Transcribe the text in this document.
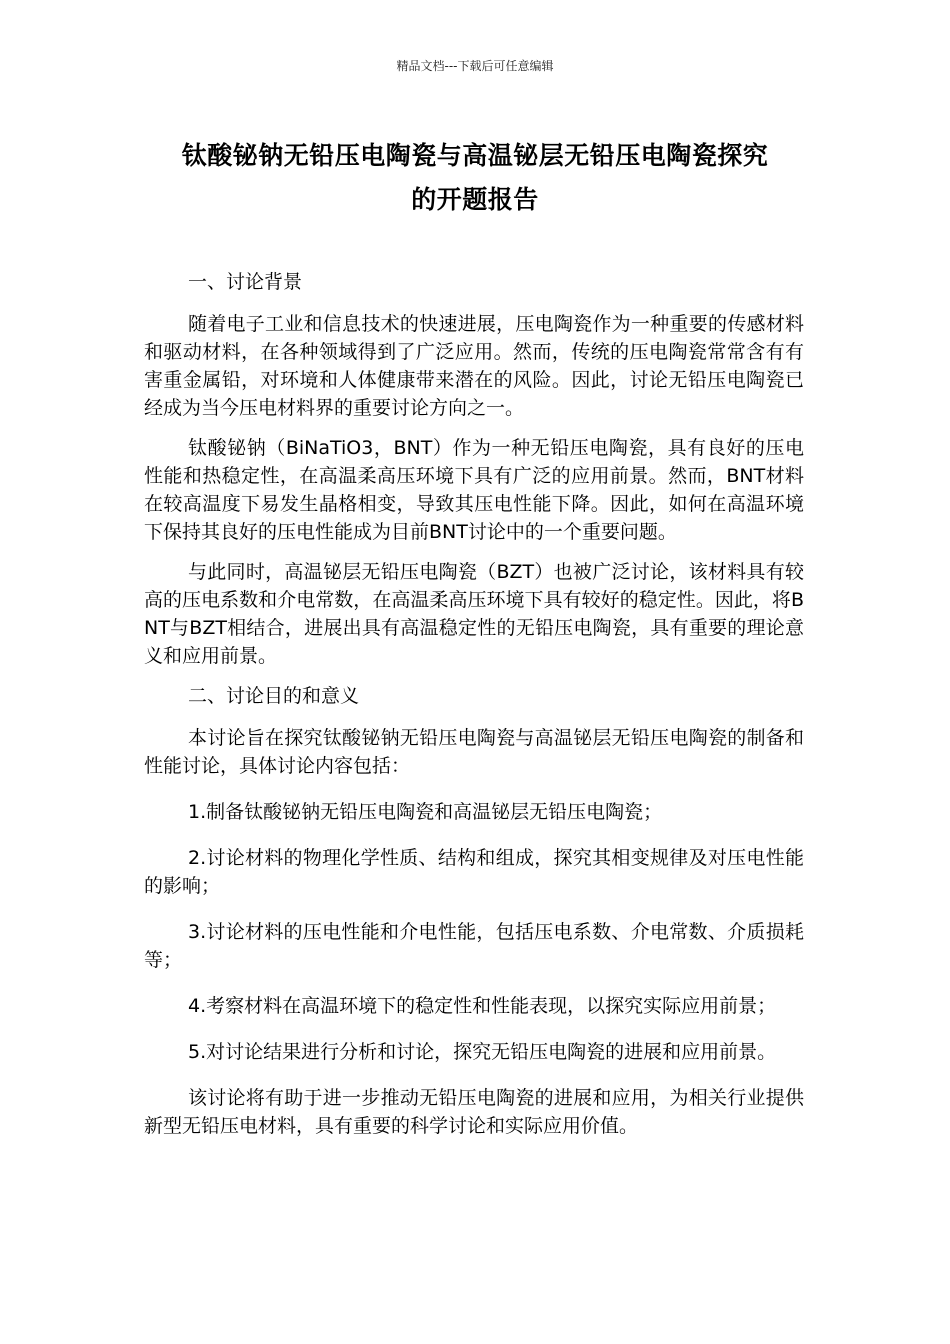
精品文档---下载后可任意编辑
钛酸铋钠无铅压电陶瓷与高温铋层无铅压电陶瓷探究
的开题报告

一、讨论背景

随着电子工业和信息技术的快速进展，压电陶瓷作为一种重要的传感材料和驱动材料，在各种领域得到了广泛应用。然而，传统的压电陶瓷常常含有有害重金属铅，对环境和人体健康带来潜在的风险。因此，讨论无铅压电陶瓷已经成为当今压电材料界的重要讨论方向之一。

钛酸铋钠（BiNaTiO3，BNT）作为一种无铅压电陶瓷，具有良好的压电性能和热稳定性，在高温柔高压环境下具有广泛的应用前景。然而，BNT材料在较高温度下易发生晶格相变，导致其压电性能下降。因此，如何在高温环境下保持其良好的压电性能成为目前BNT讨论中的一个重要问题。

与此同时，高温铋层无铅压电陶瓷（BZT）也被广泛讨论，该材料具有较高的压电系数和介电常数，在高温柔高压环境下具有较好的稳定性。因此，将BNT与BZT相结合，进展出具有高温稳定性的无铅压电陶瓷，具有重要的理论意义和应用前景。

二、讨论目的和意义

本讨论旨在探究钛酸铋钠无铅压电陶瓷与高温铋层无铅压电陶瓷的制备和性能讨论，具体讨论内容包括：

1.制备钛酸铋钠无铅压电陶瓷和高温铋层无铅压电陶瓷；

2.讨论材料的物理化学性质、结构和组成，探究其相变规律及对压电性能的影响；

3.讨论材料的压电性能和介电性能，包括压电系数、介电常数、介质损耗等；

4.考察材料在高温环境下的稳定性和性能表现，以探究实际应用前景；

5.对讨论结果进行分析和讨论，探究无铅压电陶瓷的进展和应用前景。

该讨论将有助于进一步推动无铅压电陶瓷的进展和应用，为相关行业提供新型无铅压电材料，具有重要的科学讨论和实际应用价值。
